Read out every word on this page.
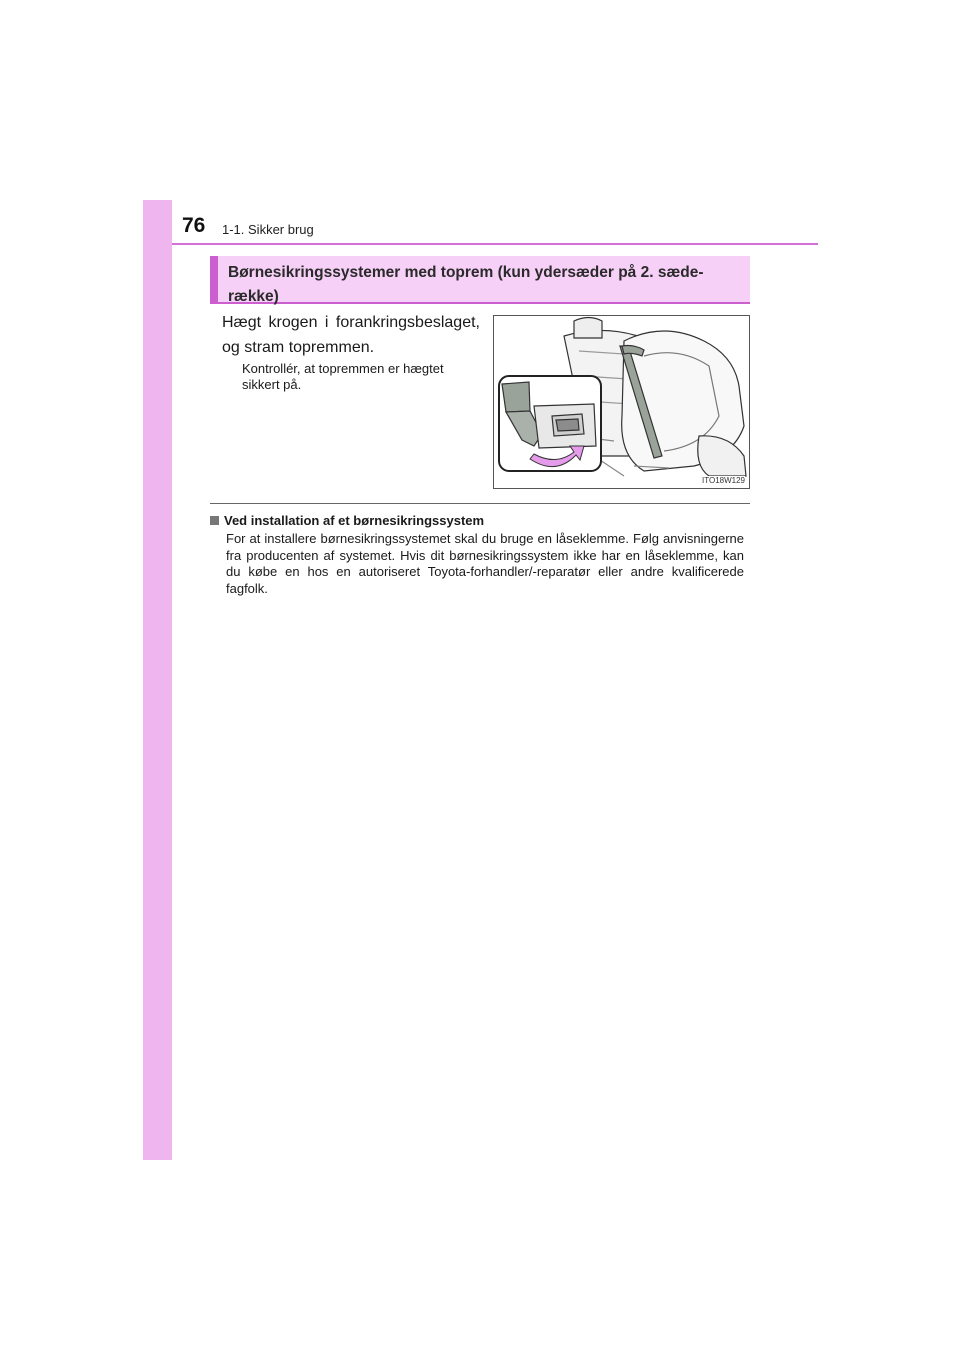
76 1-1. Sikker brug
Børnesikringssystemer med toprem (kun ydersæder på 2. sæde-række)
Hægt krogen i forankringsbeslaget, og stram topremmen.
Kontrollér, at topremmen er hægtet sikkert på.
ITO18W129
Ved installation af et børnesikringssystem
For at installere børnesikringssystemet skal du bruge en låseklemme. Følg anvisningerne fra producenten af systemet. Hvis dit børnesikringssystem ikke har en låseklemme, kan du købe en hos en autoriseret Toyota-forhandler/-reparatør eller andre kvalificerede fagfolk.
